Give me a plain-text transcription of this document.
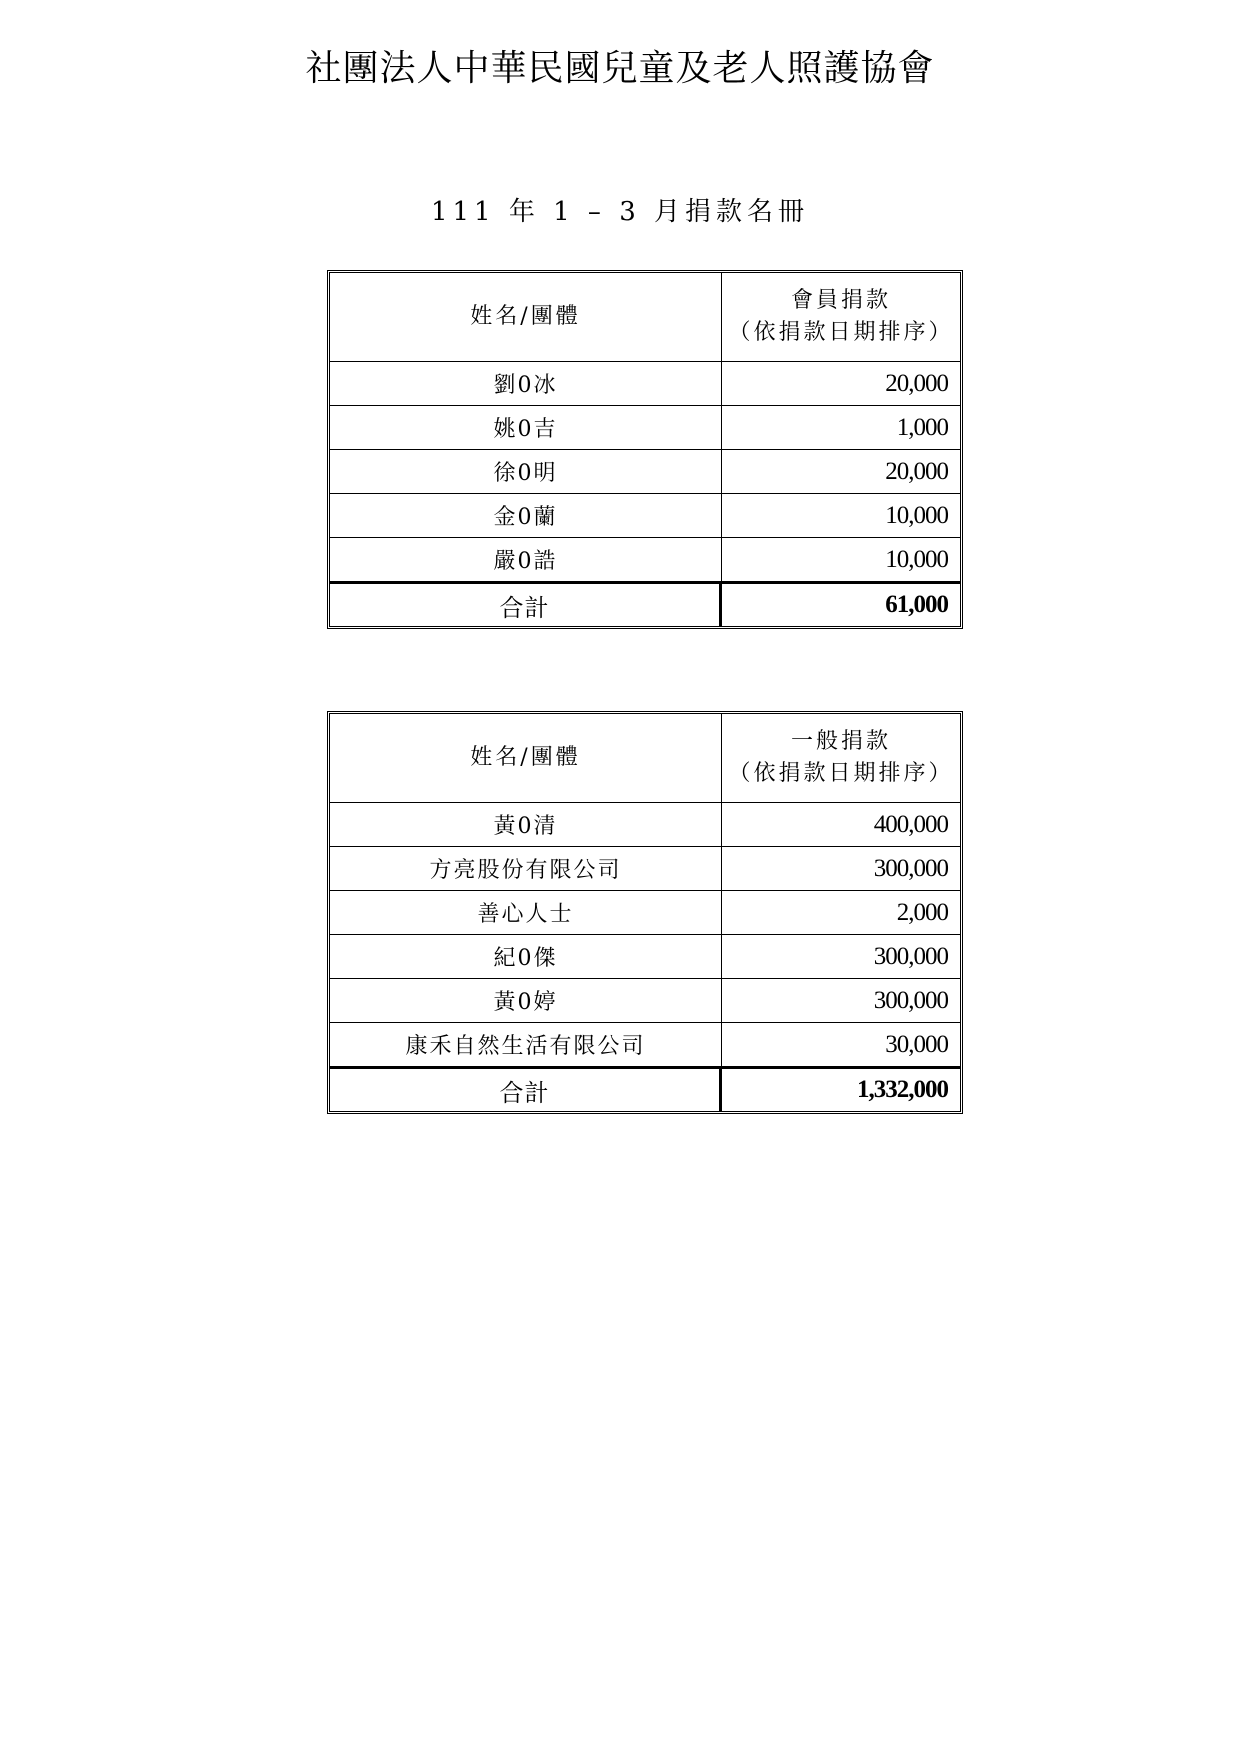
社團法人中華民國兒童及老人照護協會
111 年 1 – 3 月捐款名冊
姓名/團體	會員捐款
（依捐款日期排序）

劉0冰	20,000
姚0吉	1,000
徐0明	20,000
金0蘭	10,000
嚴0誥	10,000
合計	61,000
姓名/團體	一般捐款
（依捐款日期排序）

黃0清	400,000
方亮股份有限公司	300,000
善心人士	2,000
紀0傑	300,000
黃0婷	300,000
康禾自然生活有限公司	30,000
合計	1,332,000
